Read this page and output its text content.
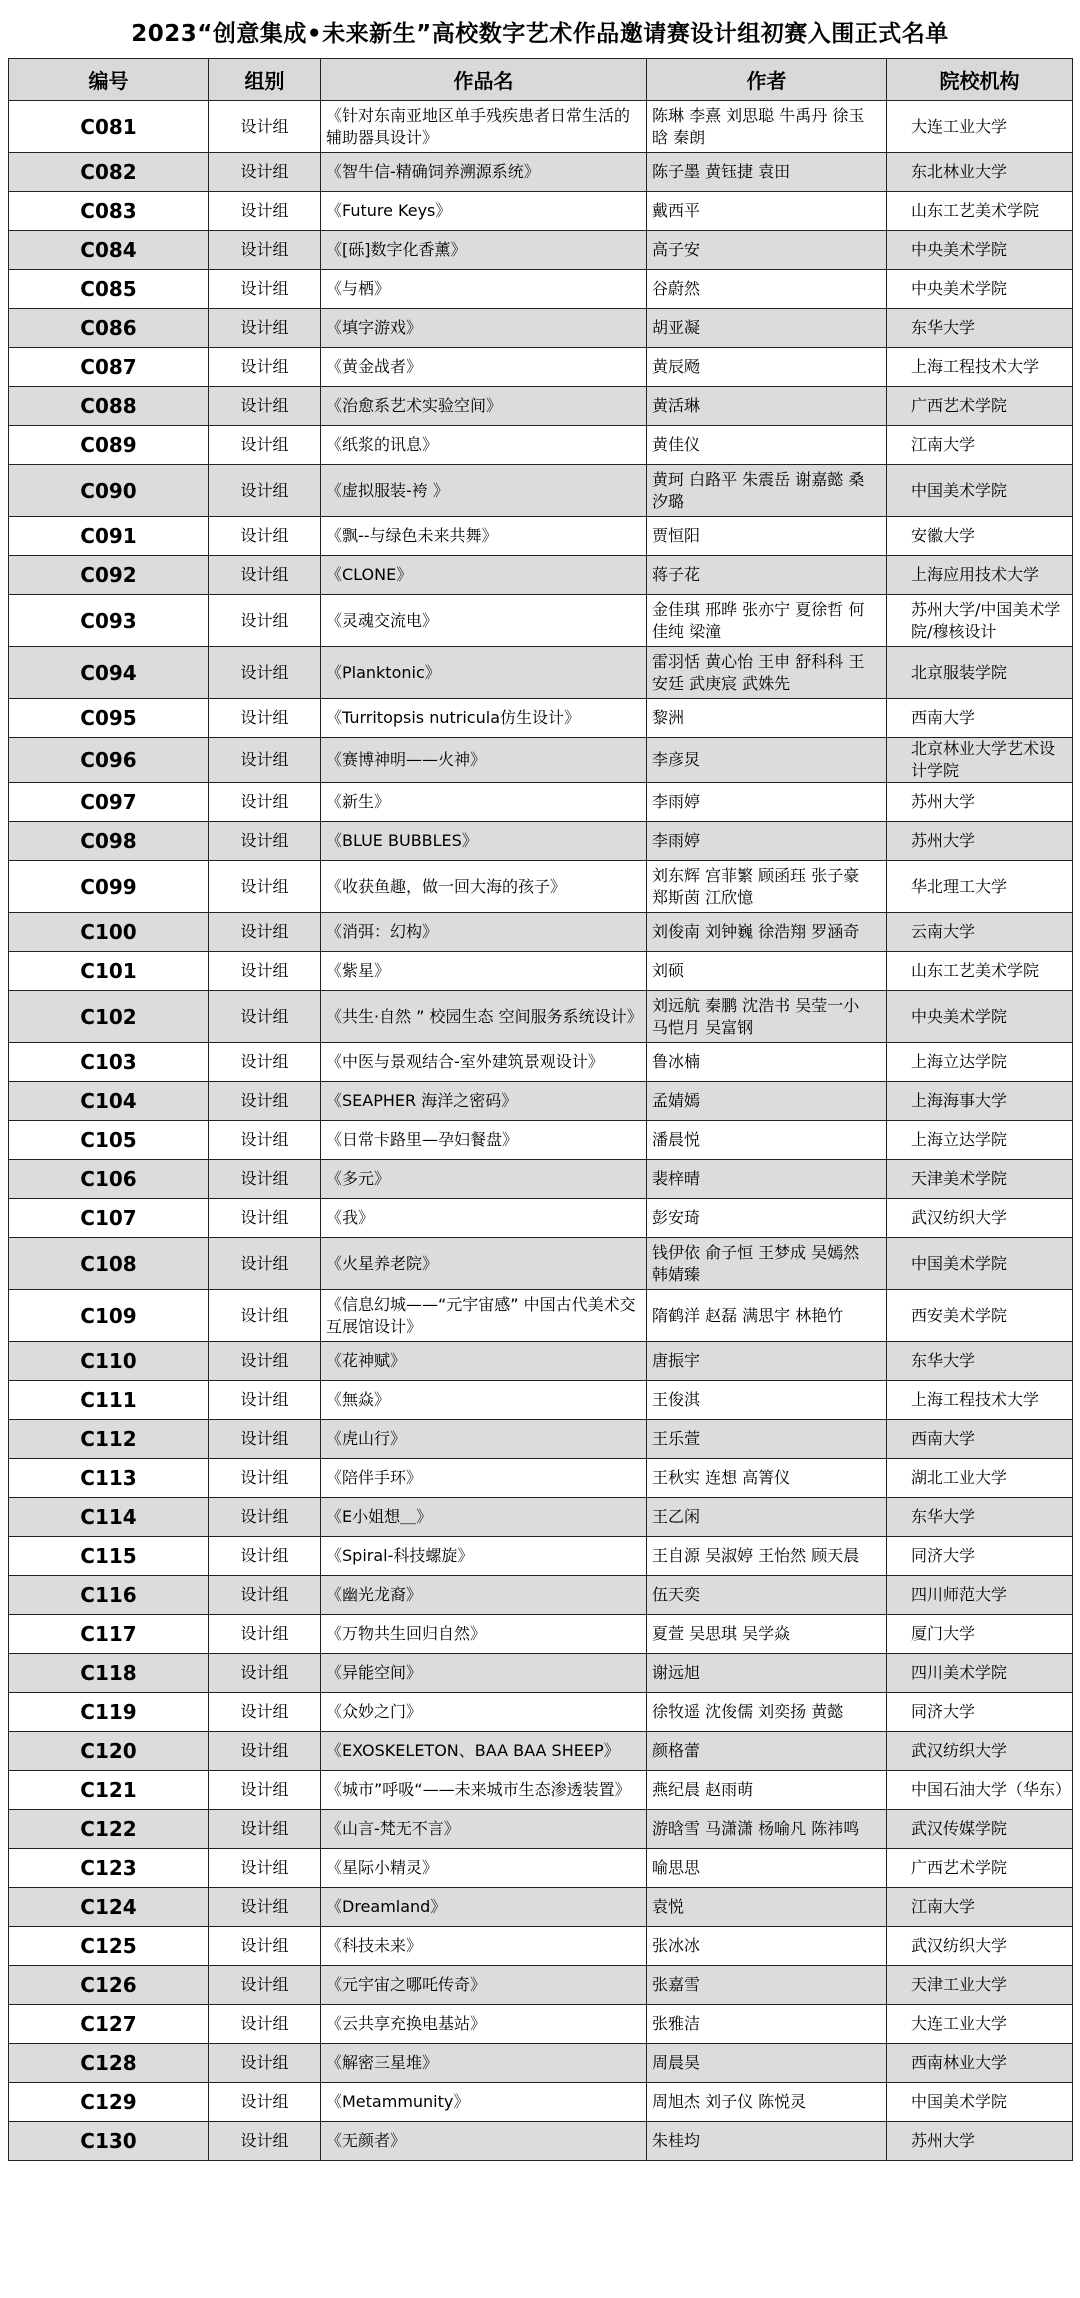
2023“创意集成•未来新生”高校数字艺术作品邀请赛设计组初赛入围正式名单
编号	组别	作品名	作者	院校机构
C081	设计组	《针对东南亚地区单手残疾患者日常生活的辅助器具设计》	陈琳 李熹 刘思聪 牛禹丹 徐玉晗 秦朗	大连工业大学
C082	设计组	《智牛信-精确饲养溯源系统》	陈子墨 黄钰捷 袁田	东北林业大学
C083	设计组	《Future Keys》	戴西平	山东工艺美术学院
C084	设计组	《[砾]数字化香薰》	高子安	中央美术学院
C085	设计组	《与栖》	谷蔚然	中央美术学院
C086	设计组	《填字游戏》	胡亚凝	东华大学
C087	设计组	《黄金战者》	黄辰飏	上海工程技术大学
C088	设计组	《治愈系艺术实验空间》	黄活琳	广西艺术学院
C089	设计组	《纸浆的讯息》	黄佳仪	江南大学
C090	设计组	《虚拟服装-袴 》	黄珂 白路平 朱震岳 谢嘉懿 桑汐璐	中国美术学院
C091	设计组	《飘--与绿色未来共舞》	贾恒阳	安徽大学
C092	设计组	《CLONE》	蒋子花	上海应用技术大学
C093	设计组	《灵魂交流电》	金佳琪 邢晔 张亦宁 夏徐哲 何佳纯 梁潼	苏州大学/中国美术学院/穆核设计
C094	设计组	《Planktonic》	雷羽恬 黄心怡 王申 舒科科 王安廷 武庚宸 武姝先	北京服装学院
C095	设计组	《Turritopsis nutricula仿生设计》	黎洲	西南大学
C096	设计组	《赛博神明——火神》	李彦炅	北京林业大学艺术设计学院
C097	设计组	《新生》	李雨婷	苏州大学
C098	设计组	《BLUE BUBBLES》	李雨婷	苏州大学
C099	设计组	《收获鱼趣，做一回大海的孩子》	刘东辉 宫菲繁 顾函珏 张子豪 郑斯茵 江欣憶	华北理工大学
C100	设计组	《消弭：幻构》	刘俊南 刘钟巍 徐浩翔 罗涵奇	云南大学
C101	设计组	《紫星》	刘硕	山东工艺美术学院
C102	设计组	《共生·自然 ” 校园生态 空间服务系统设计》	刘远航 秦鹏 沈浩书 吴莹一小 马恺月 吴富钢	中央美术学院
C103	设计组	《中医与景观结合-室外建筑景观设计》	鲁冰楠	上海立达学院
C104	设计组	《SEAPHER 海洋之密码》	孟婧嫣	上海海事大学
C105	设计组	《日常卡路里—孕妇餐盘》	潘晨悦	上海立达学院
C106	设计组	《多元》	裴梓晴	天津美术学院
C107	设计组	《我》	彭安琦	武汉纺织大学
C108	设计组	《火星养老院》	钱伊依 俞子恒 王梦成 吴嫣然 韩婧臻	中国美术学院
C109	设计组	《信息幻城——“元宇宙感” 中国古代美术交互展馆设计》	隋鹤洋 赵磊 满思宇 林艳竹	西安美术学院
C110	设计组	《花神赋》	唐振宇	东华大学
C111	设计组	《無焱》	王俊淇	上海工程技术大学
C112	设计组	《虎山行》	王乐萱	西南大学
C113	设计组	《陪伴手环》	王秋实 连想 高箐仪	湖北工业大学
C114	设计组	《E小姐想＿》	王乙闲	东华大学
C115	设计组	《Spiral-科技螺旋》	王自源 吴淑婷 王怡然 顾天晨	同济大学
C116	设计组	《幽光龙裔》	伍天奕	四川师范大学
C117	设计组	《万物共生回归自然》	夏萱 吴思琪 吴学焱	厦门大学
C118	设计组	《异能空间》	谢远旭	四川美术学院
C119	设计组	《众妙之门》	徐牧遥 沈俊儒 刘奕扬 黄懿	同济大学
C120	设计组	《EXOSKELETON、BAA BAA SHEEP》	颜格蕾	武汉纺织大学
C121	设计组	《城市”呼吸“——未来城市生态渗透装置》	燕纪晨 赵雨萌	中国石油大学（华东）
C122	设计组	《山言-梵无不言》	游晗雪 马潇潇 杨喻凡 陈祎鸣	武汉传媒学院
C123	设计组	《星际小精灵》	喻思思	广西艺术学院
C124	设计组	《Dreamland》	袁悦	江南大学
C125	设计组	《科技未来》	张冰冰	武汉纺织大学
C126	设计组	《元宇宙之哪吒传奇》	张嘉雪	天津工业大学
C127	设计组	《云共享充换电基站》	张雅洁	大连工业大学
C128	设计组	《解密三星堆》	周晨昊	西南林业大学
C129	设计组	《Metammunity》	周旭杰 刘子仪 陈悦灵	中国美术学院
C130	设计组	《无颜者》	朱桂均	苏州大学
